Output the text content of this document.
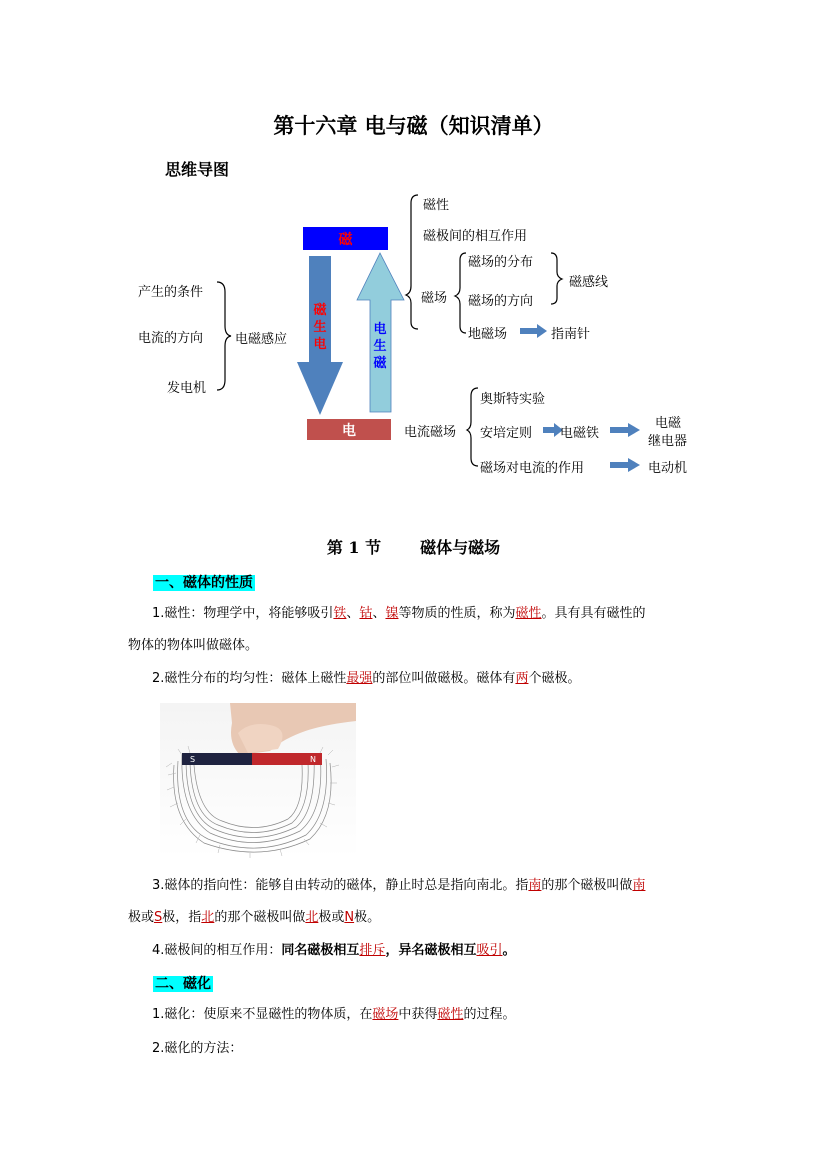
第十六章 电与磁（知识清单）
思维导图
磁
电
磁生电
电生磁
产生的条件
电流的方向
发电机
电磁感应
磁性
磁极间的相互作用
磁场
磁场的分布
磁场的方向
磁感线
地磁场	指南针
电流磁场
奥斯特实验
安培定则 电磁铁
电磁
继电器
磁场对电流的作用	电动机
第 1 节 磁体与磁场
一、磁体的性质
1.磁性：物理学中，将能够吸引铁、钴、镍等物质的性质，称为磁性。具有具有磁性的
物体的物体叫做磁体。
2.磁性分布的均匀性：磁体上磁性最强的部位叫做磁极。磁体有两个磁极。
S	N
3.磁体的指向性：能够自由转动的磁体，静止时总是指向南北。指南的那个磁极叫做南
极或S极，指北的那个磁极叫做北极或N极。
4.磁极间的相互作用：同名磁极相互排斥，异名磁极相互吸引。
二、磁化
1.磁化：使原来不显磁性的物体质，在磁场中获得磁性的过程。
2.磁化的方法：
